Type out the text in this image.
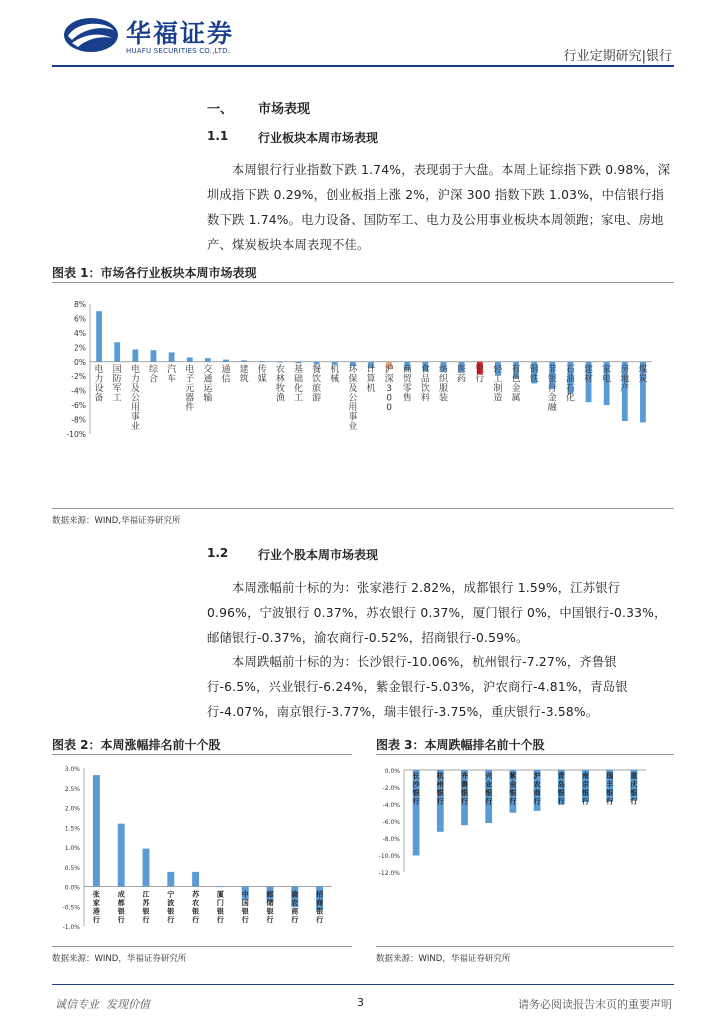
华福证券
HUAFU SECURITIES CO.,LTD.	行业定期研究|银行
一、 市场表现
1.1 行业板块本周市场表现
本周银行行业指数下跌 1.74%，表现弱于大盘。本周上证综指下跌 0.98%，深圳成指下跌 0.29%，创业板指上涨 2%，沪深 300 指数下跌 1.03%，中信银行指数下跌 1.74%。电力设备、国防军工、电力及公用事业板块本周领跑；家电、房地产、煤炭板块本周表现不佳。
图表 1：市场各行业板块本周市场表现
8%
6%
4%
2%
0%
-2%
-4%
-6%
-8%
-10%
电力设备
国防军工
电力及公用事业
综合
汽车
电子元器件
交通运输
通信
建筑
传媒
农林牧渔
基础化工
餐饮旅游
机械
环保及公用事业
计算机
沪深 3 0 0
商贸零售
食品饮料
纺织服装
医药
银行
轻工制造
有色金属
钢铁
非银行金融
石油石化
建材
家电
房地产
煤炭
数据来源：WIND,华福证券研究所
1.2 行业个股本周市场表现
本周涨幅前十标的为：张家港行 2.82%，成都银行 1.59%，江苏银行 0.96%，宁波银行 0.37%，苏农银行 0.37%，厦门银行 0%，中国银行-0.33%，邮储银行-0.37%，渝农商行-0.52%，招商银行-0.59%。
本周跌幅前十标的为：长沙银行-10.06%，杭州银行-7.27%，齐鲁银行-6.5%，兴业银行-6.24%，紫金银行-5.03%，沪农商行-4.81%，青岛银行-4.07%，南京银行-3.77%，瑞丰银行-3.75%，重庆银行-3.58%。
图表 2：本周涨幅排名前十个股
3.0%
2.5%
2.0%
1.5%
1.0%
0.5%
0.0%
-0.5%
-1.0%
张家港行
成都银行
江苏银行
宁波银行
苏农银行
厦门银行
中国银行
邮储银行
渝农商行
招商银行
数据来源：WIND，华福证券研究所
图表 3：本周跌幅排名前十个股
0.0%
-2.0%
-4.0%
-6.0%
-8.0%
-10.0%
-12.0%
长沙银行
杭州银行
齐鲁银行
兴业银行
紫金银行
沪农商行
青岛银行
南京银行
瑞丰银行
重庆银行
数据来源：WIND，华福证券研究所
诚信专业  发现价值	3	请务必阅读报告末页的重要声明
